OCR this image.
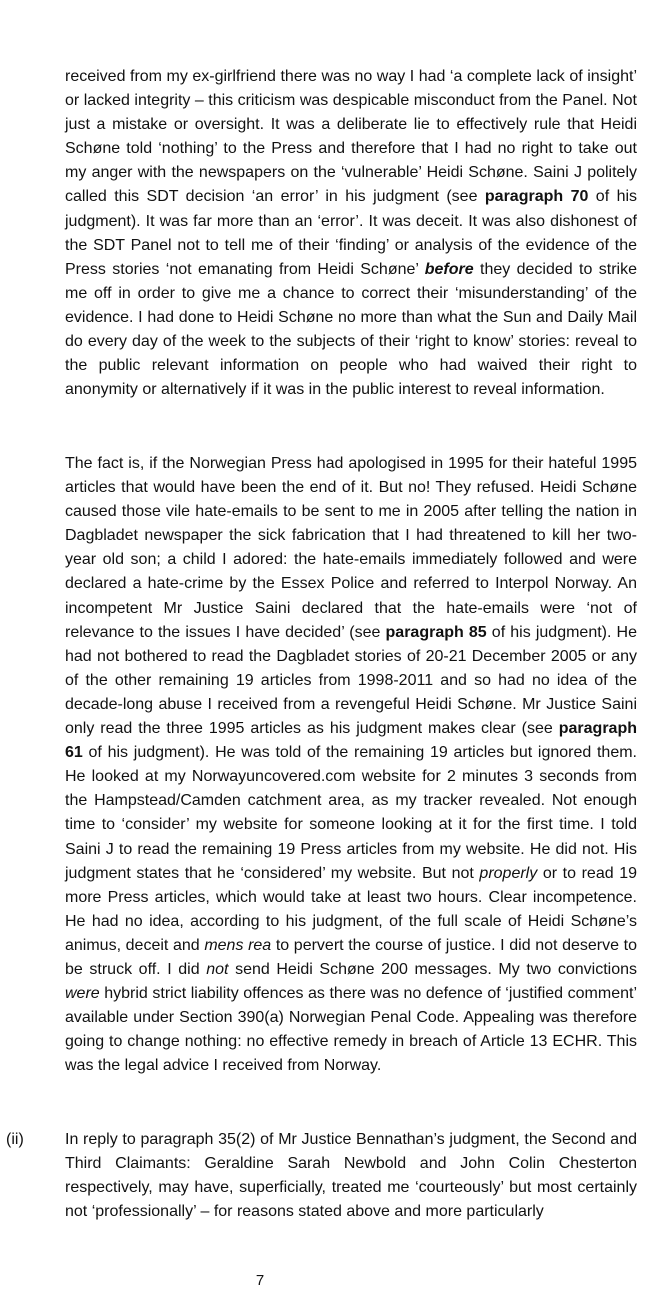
received from my ex-girlfriend there was no way I had ‘a complete lack of insight’ or lacked integrity – this criticism was despicable misconduct from the Panel. Not just a mistake or oversight. It was a deliberate lie to effectively rule that Heidi Schøne told ‘nothing’ to the Press and therefore that I had no right to take out my anger with the newspapers on the ‘vulnerable’ Heidi Schøne. Saini J politely called this SDT decision ‘an error’ in his judgment (see paragraph 70 of his judgment). It was far more than an ‘error’. It was deceit. It was also dishonest of the SDT Panel not to tell me of their ‘finding’ or analysis of the evidence of the Press stories ‘not emanating from Heidi Schøne’ before they decided to strike me off in order to give me a chance to correct their ‘misunderstanding’ of the evidence. I had done to Heidi Schøne no more than what the Sun and Daily Mail do every day of the week to the subjects of their ‘right to know’ stories: reveal to the public relevant information on people who had waived their right to anonymity or alternatively if it was in the public interest to reveal information.

The fact is, if the Norwegian Press had apologised in 1995 for their hateful 1995 articles that would have been the end of it. But no! They refused. Heidi Schøne caused those vile hate-emails to be sent to me in 2005 after telling the nation in Dagbladet newspaper the sick fabrication that I had threatened to kill her two-year old son; a child I adored: the hate-emails immediately followed and were declared a hate-crime by the Essex Police and referred to Interpol Norway. An incompetent Mr Justice Saini declared that the hate-emails were ‘not of relevance to the issues I have decided’ (see paragraph 85 of his judgment). He had not bothered to read the Dagbladet stories of 20-21 December 2005 or any of the other remaining 19 articles from 1998-2011 and so had no idea of the decade-long abuse I received from a revengeful Heidi Schøne. Mr Justice Saini only read the three 1995 articles as his judgment makes clear (see paragraph 61 of his judgment). He was told of the remaining 19 articles but ignored them. He looked at my Norwayuncovered.com website for 2 minutes 3 seconds from the Hampstead/Camden catchment area, as my tracker revealed. Not enough time to ‘consider’ my website for someone looking at it for the first time. I told Saini J to read the remaining 19 Press articles from my website. He did not. His judgment states that he ‘considered’ my website. But not properly or to read 19 more Press articles, which would take at least two hours. Clear incompetence. He had no idea, according to his judgment, of the full scale of Heidi Schøne’s animus, deceit and mens rea to pervert the course of justice. I did not deserve to be struck off. I did not send Heidi Schøne 200 messages. My two convictions were hybrid strict liability offences as there was no defence of ‘justified comment’ available under Section 390(a) Norwegian Penal Code. Appealing was therefore going to change nothing: no effective remedy in breach of Article 13 ECHR. This was the legal advice I received from Norway.

(ii)	In reply to paragraph 35(2) of Mr Justice Bennathan’s judgment, the Second and Third Claimants: Geraldine Sarah Newbold and John Colin Chesterton respectively, may have, superficially, treated me ‘courteously’ but most certainly not ‘professionally’ – for reasons stated above and more particularly

7
